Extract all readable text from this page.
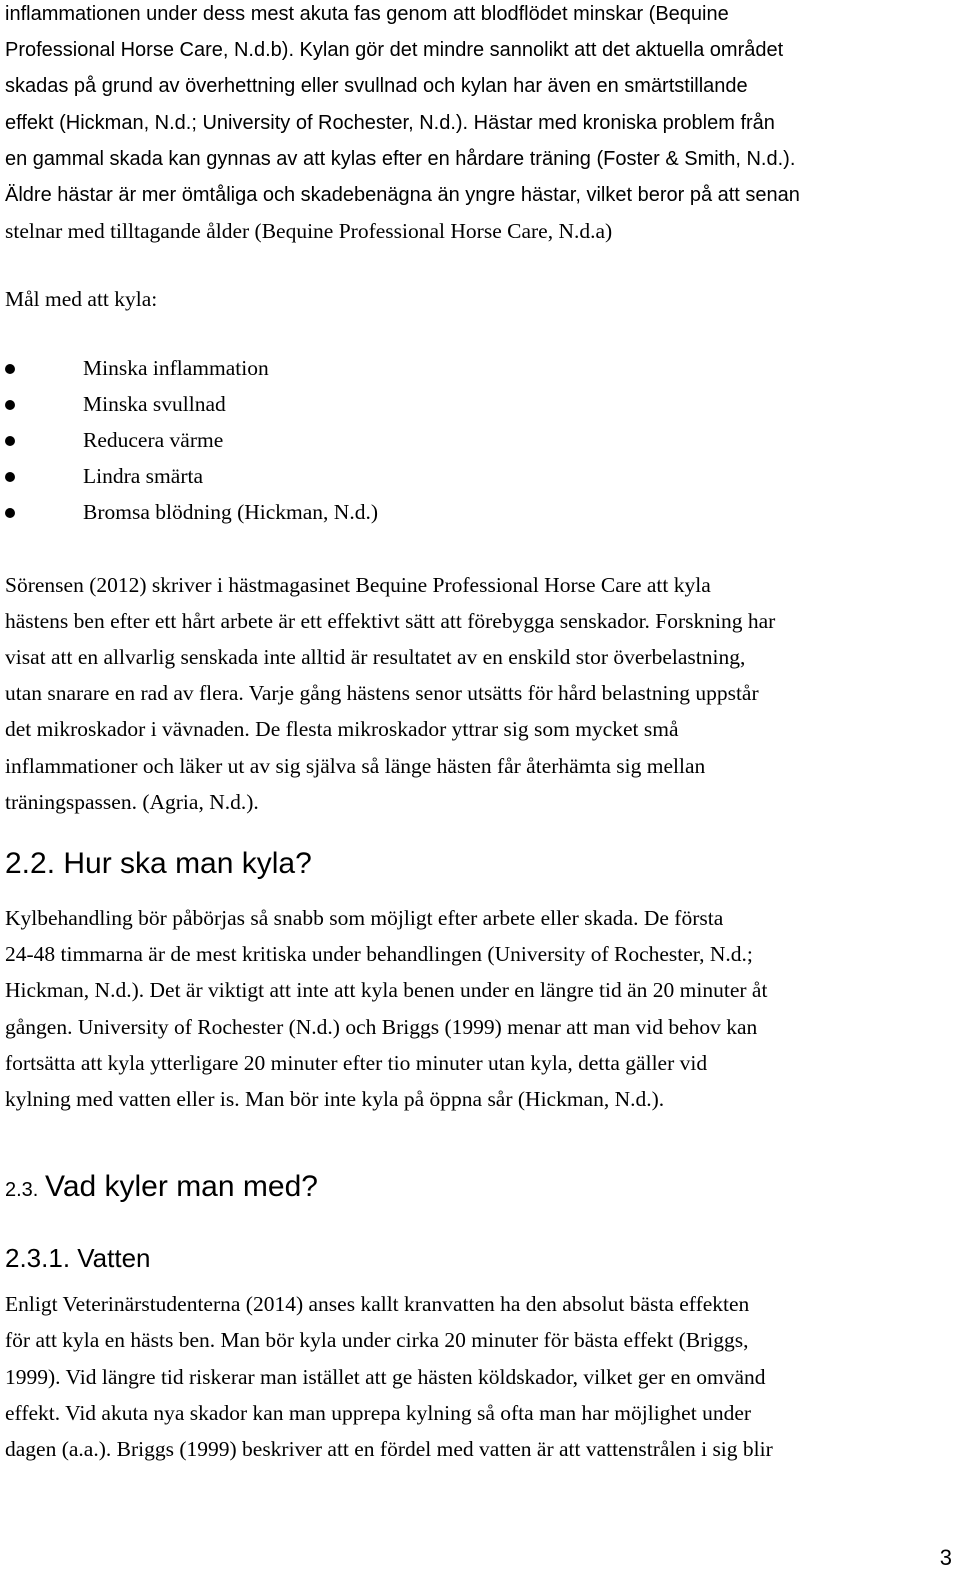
inflammationen under dess mest akuta fas genom att blodflödet minskar (Bequine
Professional Horse Care, N.d.b). Kylan gör det mindre sannolikt att det aktuella området
skadas på grund av överhettning eller svullnad och kylan har även en smärtstillande
effekt (Hickman, N.d.; University of Rochester, N.d.). Hästar med kroniska problem från
en gammal skada kan gynnas av att kylas efter en hårdare träning (Foster & Smith, N.d.).
Äldre hästar är mer ömtåliga och skadebenägna än yngre hästar, vilket beror på att senan
stelnar med tilltagande ålder (Bequine Professional Horse Care, N.d.a)
Mål med att kyla:
Minska inflammation
Minska svullnad
Reducera värme
Lindra smärta
Bromsa blödning (Hickman, N.d.)
Sörensen (2012) skriver i hästmagasinet Bequine Professional Horse Care att kyla
hästens ben efter ett hårt arbete är ett effektivt sätt att förebygga senskador. Forskning har
visat att en allvarlig senskada inte alltid är resultatet av en enskild stor överbelastning,
utan snarare en rad av flera. Varje gång hästens senor utsätts för hård belastning uppstår
det mikroskador i vävnaden. De flesta mikroskador yttrar sig som mycket små
inflammationer och läker ut av sig själva så länge hästen får återhämta sig mellan
träningspassen. (Agria, N.d.).
2.2. Hur ska man kyla?
Kylbehandling bör påbörjas så snabb som möjligt efter arbete eller skada. De första
24-48 timmarna är de mest kritiska under behandlingen (University of Rochester, N.d.;
Hickman, N.d.). Det är viktigt att inte att kyla benen under en längre tid än 20 minuter åt
gången. University of Rochester (N.d.) och Briggs (1999) menar att man vid behov kan
fortsätta att kyla ytterligare 20 minuter efter tio minuter utan kyla, detta gäller vid
kylning med vatten eller is. Man bör inte kyla på öppna sår (Hickman, N.d.).
2.3. Vad kyler man med?
2.3.1. Vatten
Enligt Veterinärstudenterna (2014) anses kallt kranvatten ha den absolut bästa effekten
för att kyla en hästs ben. Man bör kyla under cirka 20 minuter för bästa effekt (Briggs,
1999). Vid längre tid riskerar man istället att ge hästen köldskador, vilket ger en omvänd
effekt. Vid akuta nya skador kan man upprepa kylning så ofta man har möjlighet under
dagen (a.a.). Briggs (1999) beskriver att en fördel med vatten är att vattenstrålen i sig blir
3
